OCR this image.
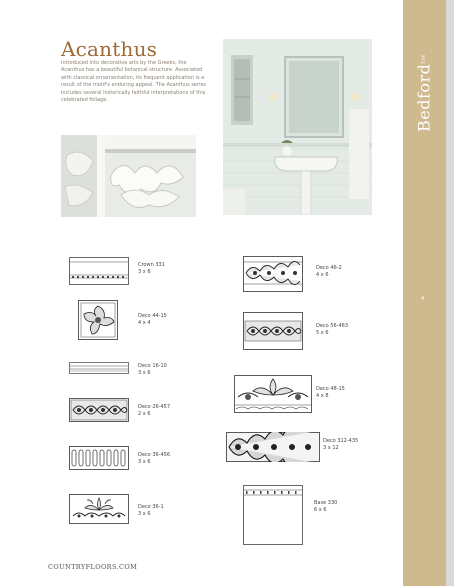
Bedford
TM
4
Acanthus
Introduced into decorative arts by the Greeks, the Acanthus has a beautiful botanical structure. Associated with classical ornamentation, its frequent application is a result of the motif's enduring appeal. The Acanthus series includes several historically faithful interpretations of this celebrated foliage.
Crown 331
3 x 6
Deco 44-15
4 x 4
Deco 16-10
3 x 6
Deco 26-457
2 x 6
Deco 36-456
3 x 6
Deco 36-1
3 x 6
Deco 46-2
4 x 6
Deco 56-463
5 x 6
Deco 48-15
4 x 8
Deco 312-435
3 x 12
Base 330
6 x 6
COUNTRYFLOORS.COM
